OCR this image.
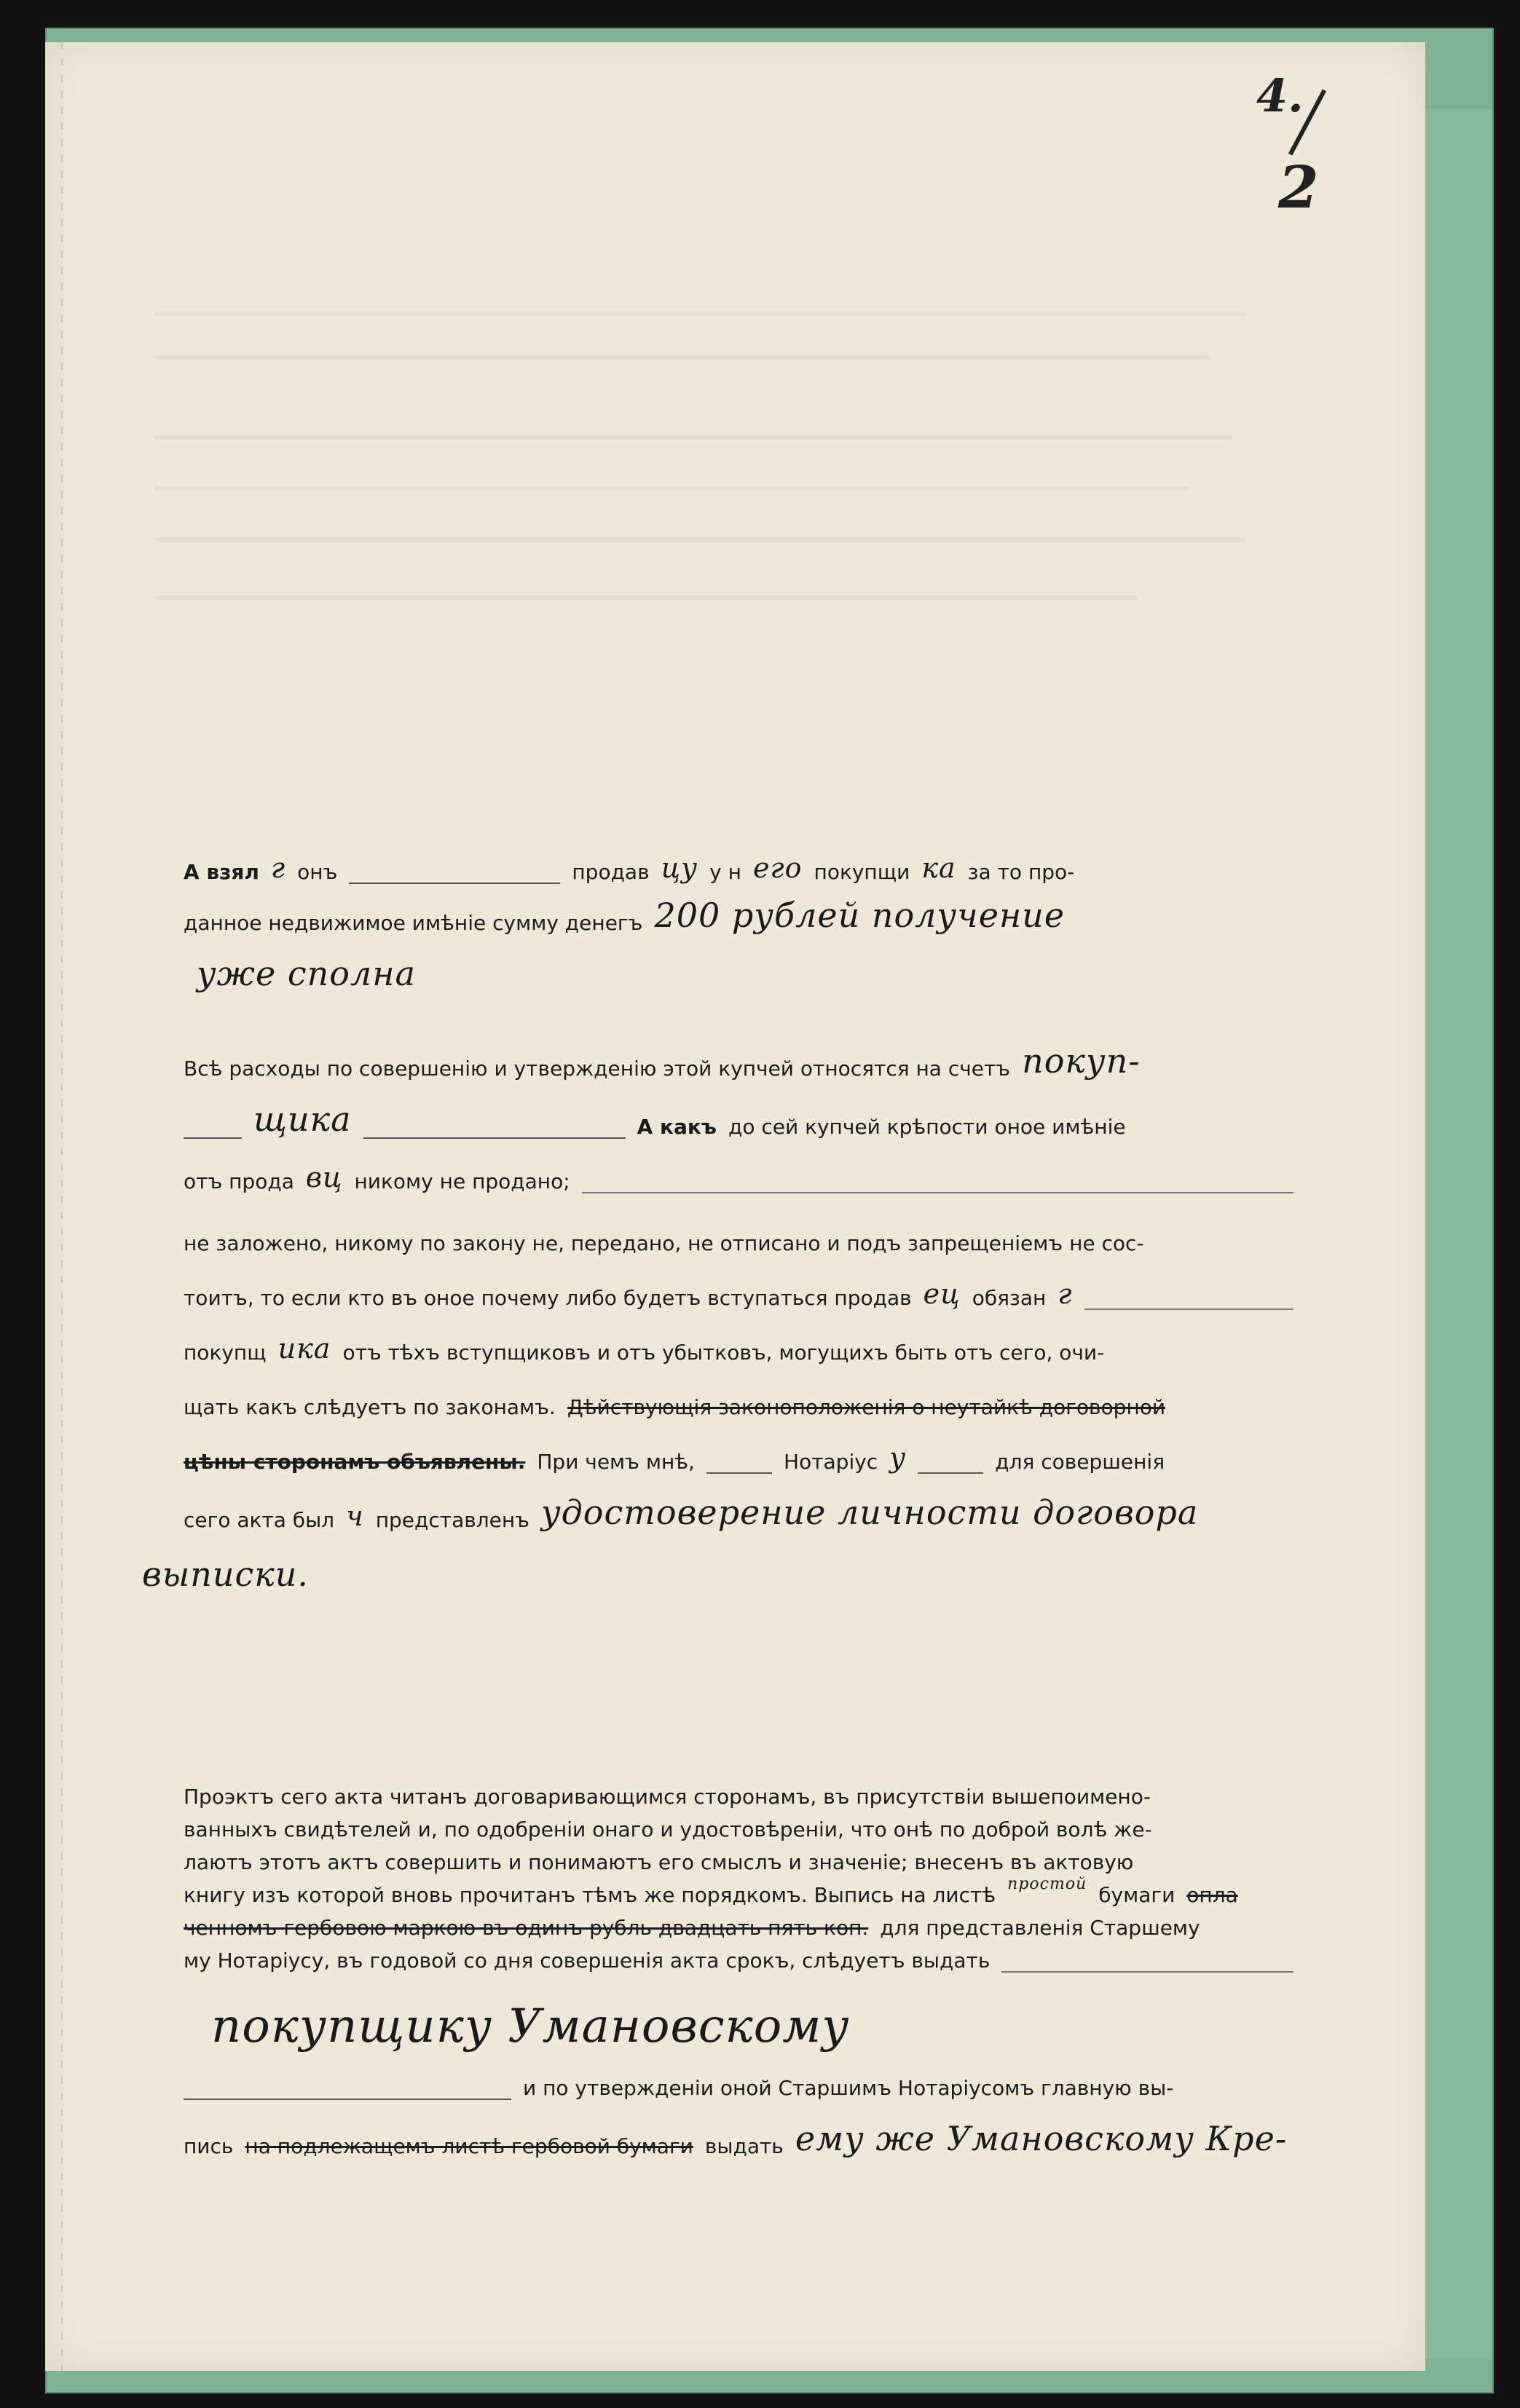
4.
2
А взял г онъ	продав цу у н его покупщи ка за то про-
данное недвижимое имѣніе сумму денегъ 200 рублей получение
уже сполна
Всѣ расходы по совершенію и утвержденію этой купчей относятся на счетъ покуп-
щика	А какъ до сей купчей крѣпости оное имѣніе
отъ прода вц никому не продано;
не заложено, никому по закону не, передано, не отписано и подъ запрещеніемъ не сос-
тоитъ, то если кто въ оное почему либо будетъ вступаться продав ец обязан г
покупщ ика отъ тѣхъ вступщиковъ и отъ убытковъ, могущихъ быть отъ сего, очи-
щать какъ слѣдуетъ по законамъ. Дѣйствующія законоположенія о неутайкѣ договорной
цѣны сторонамъ объявлены. При чемъ мнѣ,	Нотаріус у	для совершенія
сего акта был ч представленъ удостоверение личности договора
выписки.
Проэктъ сего акта читанъ договаривающимся сторонамъ, въ присутствіи вышепоимено-
ванныхъ свидѣтелей и, по одобреніи онаго и удостовѣреніи, что онѣ по доброй волѣ же-
лаютъ этотъ актъ совершить и понимаютъ его смыслъ и значеніе; внесенъ въ актовую
книгу изъ которой вновь прочитанъ тѣмъ же порядкомъ. Выпись на листѣ простой бумаги опла
ченномъ гербовою маркою въ одинъ рубль двадцать пять коп. для представленія Старшему
му Нотаріусу, въ годовой со дня совершенія акта срокъ, слѣдуетъ выдать
покупщику Умановскому
и по утвержденіи оной Старшимъ Нотаріусомъ главную вы-
пись на подлежащемъ листѣ гербовой бумаги выдать ему же Умановскому Кре-
